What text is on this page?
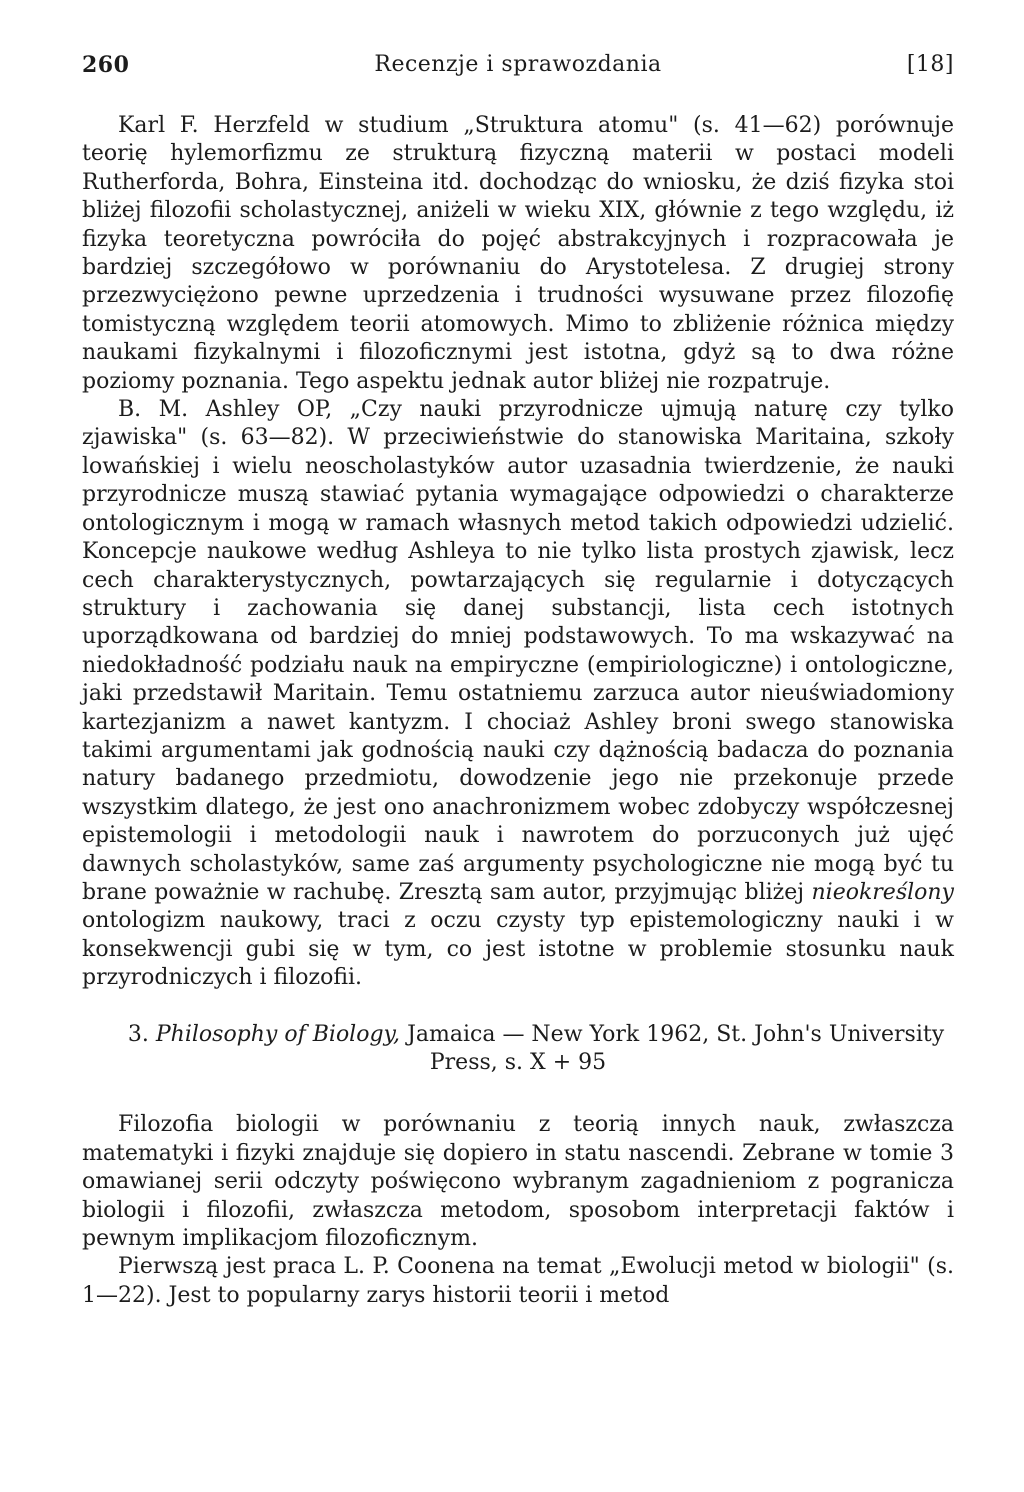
260	Recenzje i sprawozdania	[18]

Karl F. Herzfeld w studium „Struktura atomu" (s. 41—62) porównuje teorię hylemorfizmu ze strukturą fizyczną materii w postaci modeli Rutherforda, Bohra, Einsteina itd. dochodząc do wniosku, że dziś fizyka stoi bliżej filozofii scholastycznej, aniżeli w wieku XIX, głównie z tego względu, iż fizyka teoretyczna powróciła do pojęć abstrakcyjnych i rozpracowała je bardziej szczegółowo w porównaniu do Arystotelesa. Z drugiej strony przezwyciężono pewne uprzedzenia i trudności wysuwane przez filozofię tomistyczną względem teorii atomowych. Mimo to zbliżenie różnica między naukami fizykalnymi i filozoficznymi jest istotna, gdyż są to dwa różne poziomy poznania. Tego aspektu jednak autor bliżej nie rozpatruje.

B. M. Ashley OP, „Czy nauki przyrodnicze ujmują naturę czy tylko zjawiska" (s. 63—82). W przeciwieństwie do stanowiska Maritaina, szkoły lowańskiej i wielu neoscholastyków autor uzasadnia twierdzenie, że nauki przyrodnicze muszą stawiać pytania wymagające odpowiedzi o charakterze ontologicznym i mogą w ramach własnych metod takich odpowiedzi udzielić. Koncepcje naukowe według Ashleya to nie tylko lista prostych zjawisk, lecz cech charakterystycznych, powtarzających się regularnie i dotyczących struktury i zachowania się danej substancji, lista cech istotnych uporządkowana od bardziej do mniej podstawowych. To ma wskazywać na niedokładność podziału nauk na empiryczne (empiriologiczne) i ontologiczne, jaki przedstawił Maritain. Temu ostatniemu zarzuca autor nieuświadomiony kartezjanizm a nawet kantyzm. I chociaż Ashley broni swego stanowiska takimi argumentami jak godnością nauki czy dążnością badacza do poznania natury badanego przedmiotu, dowodzenie jego nie przekonuje przede wszystkim dlatego, że jest ono anachronizmem wobec zdobyczy współczesnej epistemologii i metodologii nauk i nawrotem do porzuconych już ujęć dawnych scholastyków, same zaś argumenty psychologiczne nie mogą być tu brane poważnie w rachubę. Zresztą sam autor, przyjmując bliżej nieokreślony ontologizm naukowy, traci z oczu czysty typ epistemologiczny nauki i w konsekwencji gubi się w tym, co jest istotne w problemie stosunku nauk przyrodniczych i filozofii.

3. Philosophy of Biology, Jamaica — New York 1962, St. John's University Press, s. X + 95

Filozofia biologii w porównaniu z teorią innych nauk, zwłaszcza matematyki i fizyki znajduje się dopiero in statu nascendi. Zebrane w tomie 3 omawianej serii odczyty poświęcono wybranym zagadnieniom z pogranicza biologii i filozofii, zwłaszcza metodom, sposobom interpretacji faktów i pewnym implikacjom filozoficznym.

Pierwszą jest praca L. P. Coonena na temat „Ewolucji metod w biologii" (s. 1—22). Jest to popularny zarys historii teorii i metod
